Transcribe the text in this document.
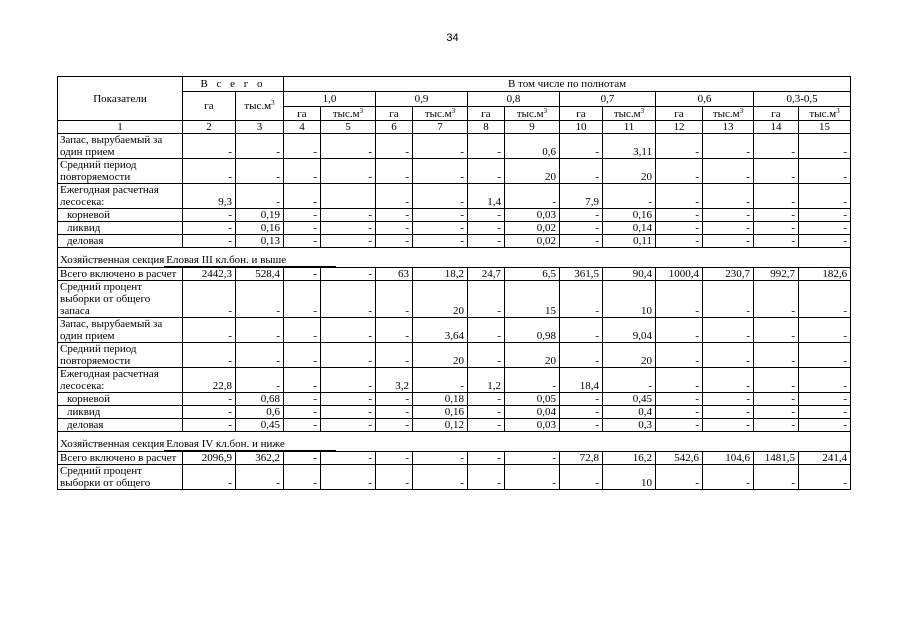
34
Показатели	В с е г о		В том числе по полнотам											
	га	$тыс.м^3$	1,0		0,9		0,8		0,7		0,6		0,3-0,5	
			га	$тыс.м^3$	га	$тыс.м^3$	га	$тыс.м^3$	га	$тыс.м^3$	га	$тыс.м^3$	га	$тыс.м^3$
1	2	3	4	5	6	7	8	9	10	11	12	13	14	15
Запас, вырубаемый за один прием	-	-	-	-	-	-	-	0,6	-	3,11	-	-	-	-
Средний период повторяемости	-	-	-	-	-	-	-	20	-	20	-	-	-	-
Ежегодная расчетная лесосека:	9,3	-	-		-	-	1,4	-	7,9	-	-	-	-	-
корневой	-	0,19	-	-	-	-	-	0,03	-	0,16	-	-	-	-
ликвид	-	0,16	-	-	-	-	-	0,02	-	0,14	-	-	-	-
деловая	-	0,13	-	-	-	-	-	0,02	-	0,11	-	-	-	-
Хозяйственная секция Еловая III кл.бон. и выше														
Всего включено в расчет	2442,3	528,4	-	-	63	18,2	24,7	6,5	361,5	90,4	1000,4	230,7	992,7	182,6
Средний процент выборки от общего запаса	-	-	-	-	-	20	-	15	-	10	-	-	-	-
Запас, вырубаемый за один прием	-	-	-	-	-	3,64	-	0,98	-	9,04	-	-	-	-
Средний период повторяемости	-	-	-	-	-	20	-	20	-	20	-	-	-	-
Ежегодная расчетная лесосека:	22,8	-	-	-	3,2	-	1,2	-	18,4	-	-	-	-	-
корневой	-	0,68	-	-	-	0,18	-	0,05	-	0,45	-	-	-	-
ликвид	-	0,6	-	-	-	0,16	-	0,04	-	0,4	-	-	-	-
деловая	-	0,45	-	-	-	0,12	-	0,03	-	0,3	-	-	-	-
Хозяйственная секция Еловая IV кл.бон. и ниже														
Всего включено в расчет	2096,9	362,2	-	-	-	-	-	-	72,8	16,2	542,6	104,6	1481,5	241,4
Средний процент выборки от общего	-	-	-	-	-	-	-	-	-	10	-	-	-	-
